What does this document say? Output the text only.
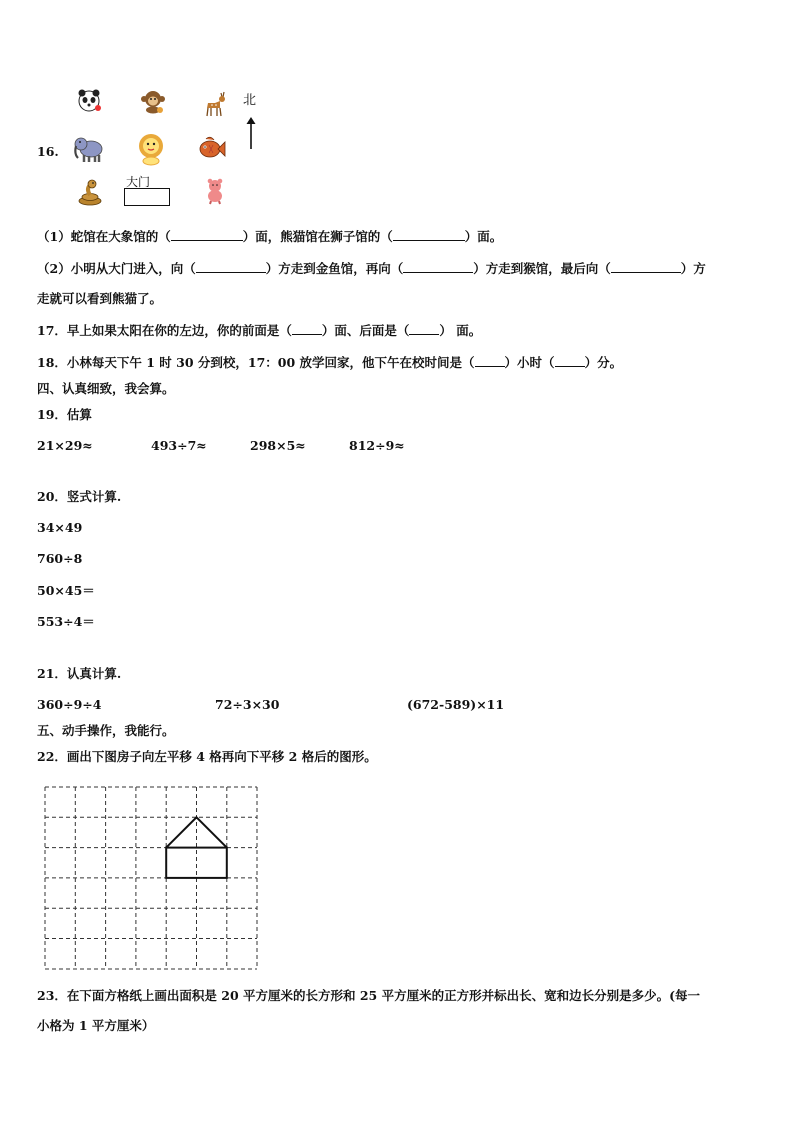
北
16.
大门
（1）蛇馆在大象馆的（	）面，熊猫馆在狮子馆的（	）面。
（2）小明从大门进入，向（	）方走到金鱼馆，再向（	）方走到猴馆，最后向（	）方
走就可以看到熊猫了。
17．早上如果太阳在你的左边，你的前面是（ ）面、后面是（ ） 面。
18．小林每天下午 1 时 30 分到校，17：00 放学回家，他下午在校时间是（ ）小时（ ）分。
四、认真细致，我会算。
19．估算
21×29≈	493÷7≈	298×5≈	812÷9≈
20．竖式计算.
34×49
760÷8
50×45＝
553÷4＝
21．认真计算.
360÷9÷4	72÷3×30	(672-589)×11
五、动手操作，我能行。
22．画出下图房子向左平移 4 格再向下平移 2 格后的图形。
23．在下面方格纸上画出面积是 20 平方厘米的长方形和 25 平方厘米的正方形并标出长、宽和边长分别是多少。(每一
小格为 1 平方厘米）
